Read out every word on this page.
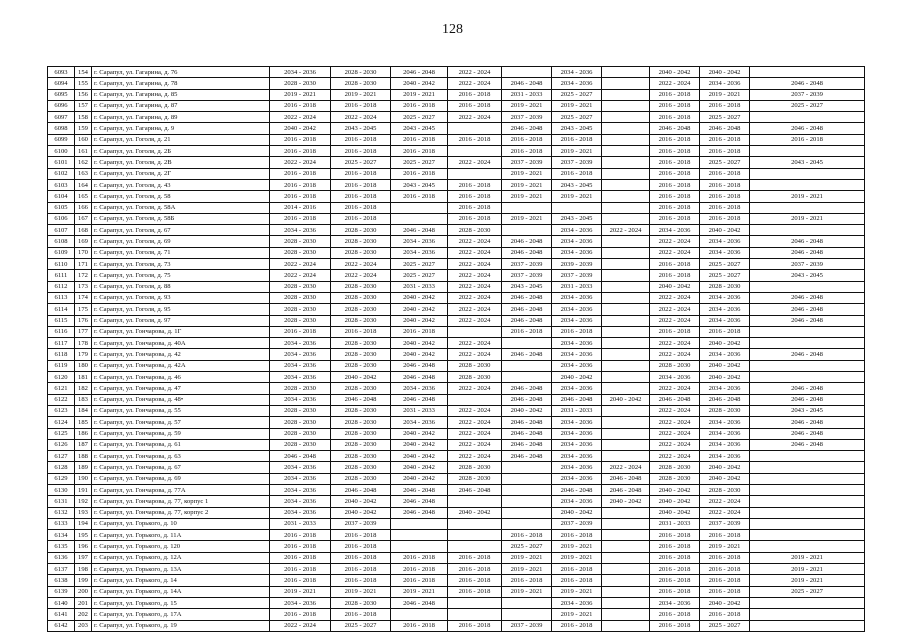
128
6093	154	г. Сарапул, ул. Гагарина, д. 76	2034 - 2036	2028 - 2030	2046 - 2048	2022 - 2024		2034 - 2036		2040 - 2042	2040 - 2042	
6094	155	г. Сарапул, ул. Гагарина, д. 78	2028 - 2030	2028 - 2030	2040 - 2042	2022 - 2024	2046 - 2048	2034 - 2036		2022 - 2024	2034 - 2036	2046 - 2048
6095	156	г. Сарапул, ул. Гагарина, д. 85	2019 - 2021	2019 - 2021	2019 - 2021	2016 - 2018	2031 - 2033	2025 - 2027		2016 - 2018	2019 - 2021	2037 - 2039
6096	157	г. Сарапул, ул. Гагарина, д. 87	2016 - 2018	2016 - 2018	2016 - 2018	2016 - 2018	2019 - 2021	2019 - 2021		2016 - 2018	2016 - 2018	2025 - 2027
6097	158	г. Сарапул, ул. Гагарина, д. 89	2022 - 2024	2022 - 2024	2025 - 2027	2022 - 2024	2037 - 2039	2025 - 2027		2016 - 2018	2025 - 2027	
6098	159	г. Сарапул, ул. Гагарина, д. 9	2040 - 2042	2043 - 2045	2043 - 2045		2046 - 2048	2043 - 2045		2046 - 2048	2046 - 2048	2046 - 2048
6099	160	г. Сарапул, ул. Гоголя, д. 21	2016 - 2018	2016 - 2018	2016 - 2018	2016 - 2018	2016 - 2018	2016 - 2018		2016 - 2018	2016 - 2018	2016 - 2018
6100	161	г. Сарапул, ул. Гоголя, д. 2Б	2016 - 2018	2016 - 2018	2016 - 2018		2016 - 2018	2019 - 2021		2016 - 2018	2016 - 2018	
6101	162	г. Сарапул, ул. Гоголя, д. 2В	2022 - 2024	2025 - 2027	2025 - 2027	2022 - 2024	2037 - 2039	2037 - 2039		2016 - 2018	2025 - 2027	2043 - 2045
6102	163	г. Сарапул, ул. Гоголя, д. 2Г	2016 - 2018	2016 - 2018	2016 - 2018		2019 - 2021	2016 - 2018		2016 - 2018	2016 - 2018	
6103	164	г. Сарапул, ул. Гоголя, д. 43	2016 - 2018	2016 - 2018	2043 - 2045	2016 - 2018	2019 - 2021	2043 - 2045		2016 - 2018	2016 - 2018	
6104	165	г. Сарапул, ул. Гоголя, д. 58	2016 - 2018	2016 - 2018	2016 - 2018	2016 - 2018	2019 - 2021	2019 - 2021		2016 - 2018	2016 - 2018	2019 - 2021
6105	166	г. Сарапул, ул. Гоголя, д. 58А	2014 - 2016	2016 - 2018		2016 - 2018				2016 - 2018	2016 - 2018	
6106	167	г. Сарапул, ул. Гоголя, д. 58Б	2016 - 2018	2016 - 2018		2016 - 2018	2019 - 2021	2043 - 2045		2016 - 2018	2016 - 2018	2019 - 2021
6107	168	г. Сарапул, ул. Гоголя, д. 67	2034 - 2036	2028 - 2030	2046 - 2048	2028 - 2030		2034 - 2036	2022 - 2024	2034 - 2036	2040 - 2042	
6108	169	г. Сарапул, ул. Гоголя, д. 69	2028 - 2030	2028 - 2030	2034 - 2036	2022 - 2024	2046 - 2048	2034 - 2036		2022 - 2024	2034 - 2036	2046 - 2048
6109	170	г. Сарапул, ул. Гоголя, д. 71	2028 - 2030	2028 - 2030	2034 - 2036	2022 - 2024	2046 - 2048	2034 - 2036		2022 - 2024	2034 - 2036	2046 - 2048
6110	171	г. Сарапул, ул. Гоголя, д. 73	2022 - 2024	2022 - 2024	2025 - 2027	2022 - 2024	2037 - 2039	2039 - 2039		2016 - 2018	2025 - 2027	2037 - 2039
6111	172	г. Сарапул, ул. Гоголя, д. 75	2022 - 2024	2022 - 2024	2025 - 2027	2022 - 2024	2037 - 2039	2037 - 2039		2016 - 2018	2025 - 2027	2043 - 2045
6112	173	г. Сарапул, ул. Гоголя, д. 88	2028 - 2030	2028 - 2030	2031 - 2033	2022 - 2024	2043 - 2045	2031 - 2033		2040 - 2042	2028 - 2030	
6113	174	г. Сарапул, ул. Гоголя, д. 93	2028 - 2030	2028 - 2030	2040 - 2042	2022 - 2024	2046 - 2048	2034 - 2036		2022 - 2024	2034 - 2036	2046 - 2048
6114	175	г. Сарапул, ул. Гоголя, д. 95	2028 - 2030	2028 - 2030	2040 - 2042	2022 - 2024	2046 - 2048	2034 - 2036		2022 - 2024	2034 - 2036	2046 - 2048
6115	176	г. Сарапул, ул. Гоголя, д. 97	2028 - 2030	2028 - 2030	2040 - 2042	2022 - 2024	2046 - 2048	2034 - 2036		2022 - 2024	2034 - 2036	2046 - 2048
6116	177	г. Сарапул, ул. Гончарова, д. 1Г	2016 - 2018	2016 - 2018	2016 - 2018		2016 - 2018	2016 - 2018		2016 - 2018	2016 - 2018	
6117	178	г. Сарапул, ул. Гончарова, д. 40А	2034 - 2036	2028 - 2030	2040 - 2042	2022 - 2024		2034 - 2036		2022 - 2024	2040 - 2042	
6118	179	г. Сарапул, ул. Гончарова, д. 42	2034 - 2036	2028 - 2030	2040 - 2042	2022 - 2024	2046 - 2048	2034 - 2036		2022 - 2024	2034 - 2036	2046 - 2048
6119	180	г. Сарапул, ул. Гончарова, д. 42А	2034 - 2036	2028 - 2030	2046 - 2048	2028 - 2030		2034 - 2036		2028 - 2030	2040 - 2042	
6120	181	г. Сарапул, ул. Гончарова, д. 46	2034 - 2036	2040 - 2042	2046 - 2048	2028 - 2030		2040 - 2042		2034 - 2036	2040 - 2042	
6121	182	г. Сарапул, ул. Гончарова, д. 47	2028 - 2030	2028 - 2030	2034 - 2036	2022 - 2024	2046 - 2048	2034 - 2036		2022 - 2024	2034 - 2036	2046 - 2048
6122	183	г. Сарапул, ул. Гончарова, д. 48•	2034 - 2036	2046 - 2048	2046 - 2048		2046 - 2048	2046 - 2048	2040 - 2042	2046 - 2048	2046 - 2048	2046 - 2048
6123	184	г. Сарапул, ул. Гончарова, д. 55	2028 - 2030	2028 - 2030	2031 - 2033	2022 - 2024	2040 - 2042	2031 - 2033		2022 - 2024	2028 - 2030	2043 - 2045
6124	185	г. Сарапул, ул. Гончарова, д. 57	2028 - 2030	2028 - 2030	2034 - 2036	2022 - 2024	2046 - 2048	2034 - 2036		2022 - 2024	2034 - 2036	2046 - 2048
6125	186	г. Сарапул, ул. Гончарова, д. 59	2028 - 2030	2028 - 2030	2040 - 2042	2022 - 2024	2046 - 2048	2034 - 2036		2022 - 2024	2034 - 2036	2046 - 2048
6126	187	г. Сарапул, ул. Гончарова, д. 61	2028 - 2030	2028 - 2030	2040 - 2042	2022 - 2024	2046 - 2048	2034 - 2036		2022 - 2024	2034 - 2036	2046 - 2048
6127	188	г. Сарапул, ул. Гончарова, д. 63	2046 - 2048	2028 - 2030	2040 - 2042	2022 - 2024	2046 - 2048	2034 - 2036		2022 - 2024	2034 - 2036	
6128	189	г. Сарапул, ул. Гончарова, д. 67	2034 - 2036	2028 - 2030	2040 - 2042	2028 - 2030		2034 - 2036	2022 - 2024	2028 - 2030	2040 - 2042	
6129	190	г. Сарапул, ул. Гончарова, д. 69	2034 - 2036	2028 - 2030	2040 - 2042	2028 - 2030		2034 - 2036	2046 - 2048	2028 - 2030	2040 - 2042	
6130	191	г. Сарапул, ул. Гончарова, д. 77А	2034 - 2036	2046 - 2048	2046 - 2048	2046 - 2048		2046 - 2048	2046 - 2048	2040 - 2042	2028 - 2030	
6131	192	г. Сарапул, ул. Гончарова, д. 77, корпус 1	2034 - 2036	2040 - 2042	2046 - 2048			2034 - 2036	2040 - 2042	2040 - 2042	2022 - 2024	
6132	193	г. Сарапул, ул. Гончарова, д. 77, корпус 2	2034 - 2036	2040 - 2042	2046 - 2048	2040 - 2042		2040 - 2042		2040 - 2042	2022 - 2024	
6133	194	г. Сарапул, ул. Горького, д. 10	2031 - 2033	2037 - 2039				2037 - 2039		2031 - 2033	2037 - 2039	
6134	195	г. Сарапул, ул. Горького, д. 11А	2016 - 2018	2016 - 2018			2016 - 2018	2016 - 2018		2016 - 2018	2016 - 2018	
6135	196	г. Сарапул, ул. Горького, д. 120	2016 - 2018	2016 - 2018			2025 - 2027	2019 - 2021		2016 - 2018	2019 - 2021	
6136	197	г. Сарапул, ул. Горького, д. 12А	2016 - 2018	2016 - 2018	2016 - 2018	2016 - 2018	2019 - 2021	2019 - 2021		2016 - 2018	2016 - 2018	2019 - 2021
6137	198	г. Сарапул, ул. Горького, д. 13А	2016 - 2018	2016 - 2018	2016 - 2018	2016 - 2018	2019 - 2021	2016 - 2018		2016 - 2018	2016 - 2018	2019 - 2021
6138	199	г. Сарапул, ул. Горького, д. 14	2016 - 2018	2016 - 2018	2016 - 2018	2016 - 2018	2016 - 2018	2016 - 2018		2016 - 2018	2016 - 2018	2019 - 2021
6139	200	г. Сарапул, ул. Горького, д. 14А	2019 - 2021	2019 - 2021	2019 - 2021	2016 - 2018	2019 - 2021	2019 - 2021		2016 - 2018	2016 - 2018	2025 - 2027
6140	201	г. Сарапул, ул. Горького, д. 15	2034 - 2036	2028 - 2030	2046 - 2048			2034 - 2036		2034 - 2036	2040 - 2042	
6141	202	г. Сарапул, ул. Горького, д. 17А	2016 - 2018	2016 - 2018				2019 - 2021		2016 - 2018	2016 - 2018	
6142	203	г. Сарапул, ул. Горького, д. 19	2022 - 2024	2025 - 2027	2016 - 2018	2016 - 2018	2037 - 2039	2016 - 2018		2016 - 2018	2025 - 2027	
